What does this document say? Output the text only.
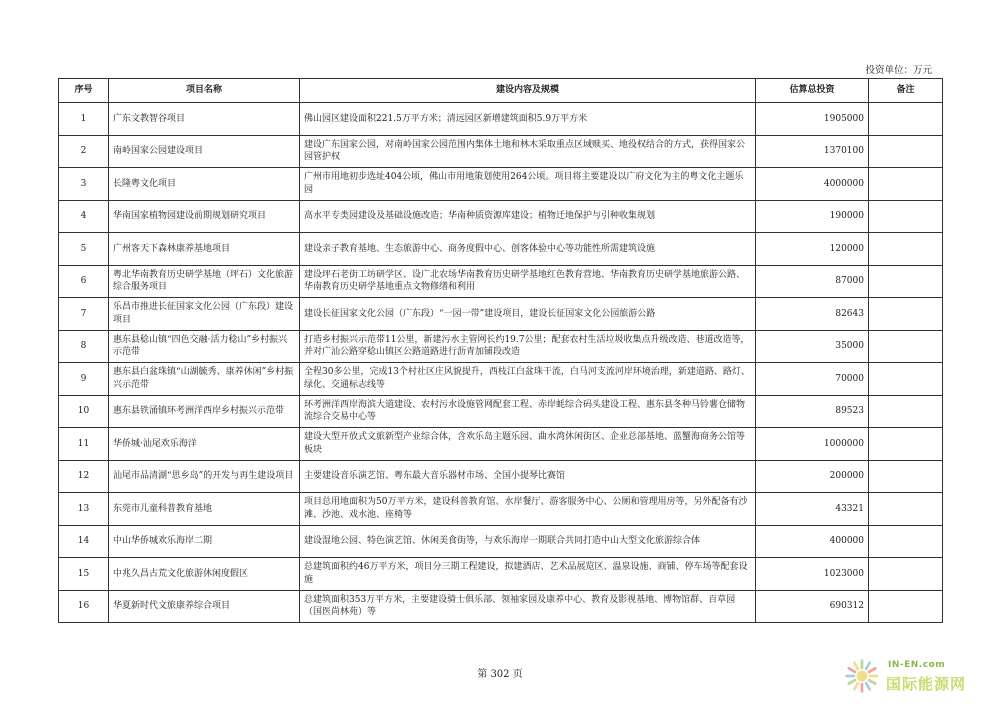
投资单位：万元
序号	项目名称	建设内容及规模	估算总投资	备注
1	广东文教智谷项目	佛山园区建设面积221.5万平方米；清远园区新增建筑面积5.9万平方米	1905000	
2	南岭国家公园建设项目	建设广东国家公园，对南岭国家公园范围内集体土地和林木采取重点区域赎买、地役权结合的方式，获得国家公园管护权	1370100	
3	长隆粤文化项目	广州市用地初步选址404公顷，佛山市用地策划使用264公顷。项目将主要建设以广府文化为主的粤文化主题乐园	4000000	
4	华南国家植物园建设前期规划研究项目	高水平专类园建设及基础设施改造；华南种质资源库建设；植物迁地保护与引种收集规划	190000	
5	广州客天下森林康养基地项目	建设亲子教育基地、生态旅游中心、商务度假中心、创客体验中心等功能性所需建筑设施	120000	
6	粤北华南教育历史研学基地（坪石）文化旅游综合服务项目	建设坪石老街工坊研学区、设广北农场华南教育历史研学基地红色教育营地、华南教育历史研学基地旅游公路、华南教育历史研学基地重点文物修缮和利用	87000	
7	乐昌市推进长征国家文化公园（广东段）建设项目	建设长征国家文化公园（广东段）“一园一带”建设项目，建设长征国家文化公园旅游公路	82643	
8	惠东县稔山镇“四色交融·活力稔山”乡村振兴示范带	打造乡村振兴示范带11公里，新建污水主管网长约19.7公里；配套农村生活垃圾收集点升级改造、巷道改造等，并对广汕公路穿稔山镇区公路道路进行沥青加铺段改造	35000	
9	惠东县白盆珠镇“山湖毓秀、康养休闲”乡村振兴示范带	全程30多公里，完成13个村社区庄风貌提升，西枝江白盆珠干流，白马河支流河岸环境治理，新建道路、路灯、绿化、交通标志线等	70000	
10	惠东县铁涌镇环考洲洋西岸乡村振兴示范带	环考洲洋西岸海滨大道建设、农村污水设施管网配套工程、赤岸蚝综合码头建设工程、惠东县冬种马铃薯仓储物流综合交易中心等	89523	
11	华侨城·汕尾欢乐海洋	建设大型开放式文旅新型产业综合体，含欢乐岛主题乐园、曲水湾休闲街区、企业总部基地、蓝蟹海商务公馆等板块	1000000	
12	汕尾市品清湖“思乡岛”的开发与再生建设项目	主要建设音乐演艺馆、粤东最大音乐器材市场、全国小提琴比赛馆	200000	
13	东莞市儿童科普教育基地	项目总用地面积为50万平方米，建设科普教育馆、水岸餐厅、游客服务中心、公厕和管理用房等，另外配备有沙滩、沙池、戏水池、座椅等	43321	
14	中山华侨城欢乐海岸二期	建设湿地公园、特色演艺馆、休闲美食街等，与欢乐海岸一期联合共同打造中山大型文化旅游综合体	400000	
15	中兆久昌古荒文化旅游休闲度假区	总建筑面积约46万平方米，项目分三期工程建设，拟建酒店、艺术品展览区、温泉设施、商铺、停车场等配套设施	1023000	
16	华夏新时代文旅康养综合项目	总建筑面积353万平方米，主要建设骑士俱乐部、领袖家园及康养中心、教育及影视基地、博物馆群、百草园（国医尚林苑）等	690312	
第 302 页
IN-EN.com
国际能源网
